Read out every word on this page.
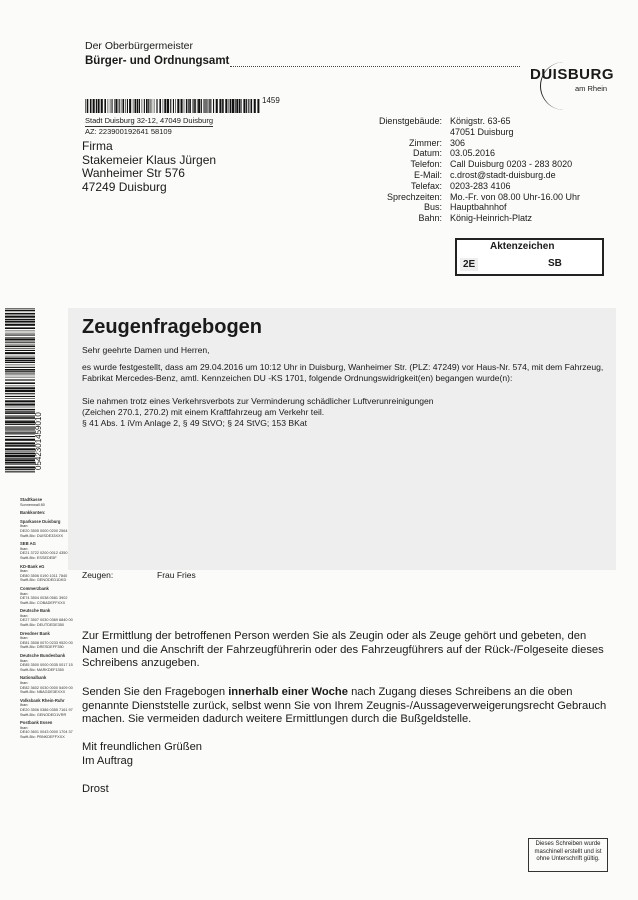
Der Oberbürgermeister
Bürger- und Ordnungsamt
DUISBURG
am Rhein
1459
Stadt Duisburg 32-12, 47049 Duisburg

AZ: 223900192641 58109
Firma
Stakemeier Klaus Jürgen
Wanheimer Str 576
47249 Duisburg
Dienstgebäude: Königstr. 63-65
47051 Duisburg
Zimmer: 306
Datum: 03.05.2016
Telefon: Call Duisburg 0203 - 283 8020
E-Mail: c.drost@stadt-duisburg.de
Telefax: 0203-283 4106
Sprechzeiten: Mo.-Fr. von 08.00 Uhr-16.00 Uhr
Bus: Hauptbahnhof
Bahn: König-Heinrich-Platz
Aktenzeichen
2E	SB
0542301459010
Stadtkasse
Sonnenwall 80
Bankkonten:
Sparkasse Duisburg
Iban:
DE20 3505 0000 0200 2564
Swift-Bic: DUISDE33XXX
SEB AG
Iban:
DE21 3722 0200 0012 4350
Swift-Bic: ESSEDE5F
KD-Bank eG
Iban:
DE80 3506 0190 1011 7840
Swift-Bic: GENODED1DKD
Commerzbank
Iban:
DE74 3504 0038 0581 3902
Swift-Bic: COBADEFFXXX
Deutsche Bank
Iban:
DE27 3507 0030 0369 6840 00
Swift-Bic: DEUTDEDE350
Dresdner Bank
Iban:
DE81 3508 0070 0233 9520 00
Swift-Bic: DRESDEFF350
Deutsche Bundesbank
Iban:
DE85 3500 0000 0035 0017 15
Swift-Bic: MARKDEF1350
Nationalbank
Iban:
DE82 3602 0030 0000 5409 00
Swift-Bic: NBAGDE3EXXX
Volksbank Rhein-Ruhr
Iban:
DE20 3506 0386 0355 7161 97
Swift-Bic: GENODED1VRR
Postbank Essen
Iban:
DE40 3601 0043 0000 1704 37
Swift-Bic: PBNKDEFFXXX
Zeugenfragebogen
Sehr geehrte Damen und Herren,
es wurde festgestellt, dass am 29.04.2016 um 10:12 Uhr in Duisburg, Wanheimer Str. (PLZ: 47249) vor Haus-Nr. 574, mit dem Fahrzeug, Fabrikat Mercedes-Benz, amtl. Kennzeichen DU -KS 1701, folgende Ordnungswidrigkeit(en) begangen wurde(n):
Sie nahmen trotz eines Verkehrsverbots zur Verminderung schädlicher Luftverunreinigungen
(Zeichen 270.1, 270.2) mit einem Kraftfahrzeug am Verkehr teil.
§ 41 Abs. 1 iVm Anlage 2, § 49 StVO; § 24 StVG; 153 BKat
Zeugen:	Frau Fries
Zur Ermittlung der betroffenen Person werden Sie als Zeugin oder als Zeuge gehört und gebeten, den Namen und die Anschrift der Fahrzeugführerin oder des Fahrzeugführers auf der Rück-/Folgeseite dieses Schreibens anzugeben.
Senden Sie den Fragebogen innerhalb einer Woche nach Zugang dieses Schreibens an die oben genannte Dienststelle zurück, selbst wenn Sie von Ihrem Zeugnis-/Aussageverweigerungsrecht Gebrauch machen. Sie vermeiden dadurch weitere Ermittlungen durch die Bußgeldstelle.
Mit freundlichen Grüßen
Im Auftrag
Drost
Dieses Schreiben wurde
maschinell erstellt und ist
ohne Unterschrift gültig.
